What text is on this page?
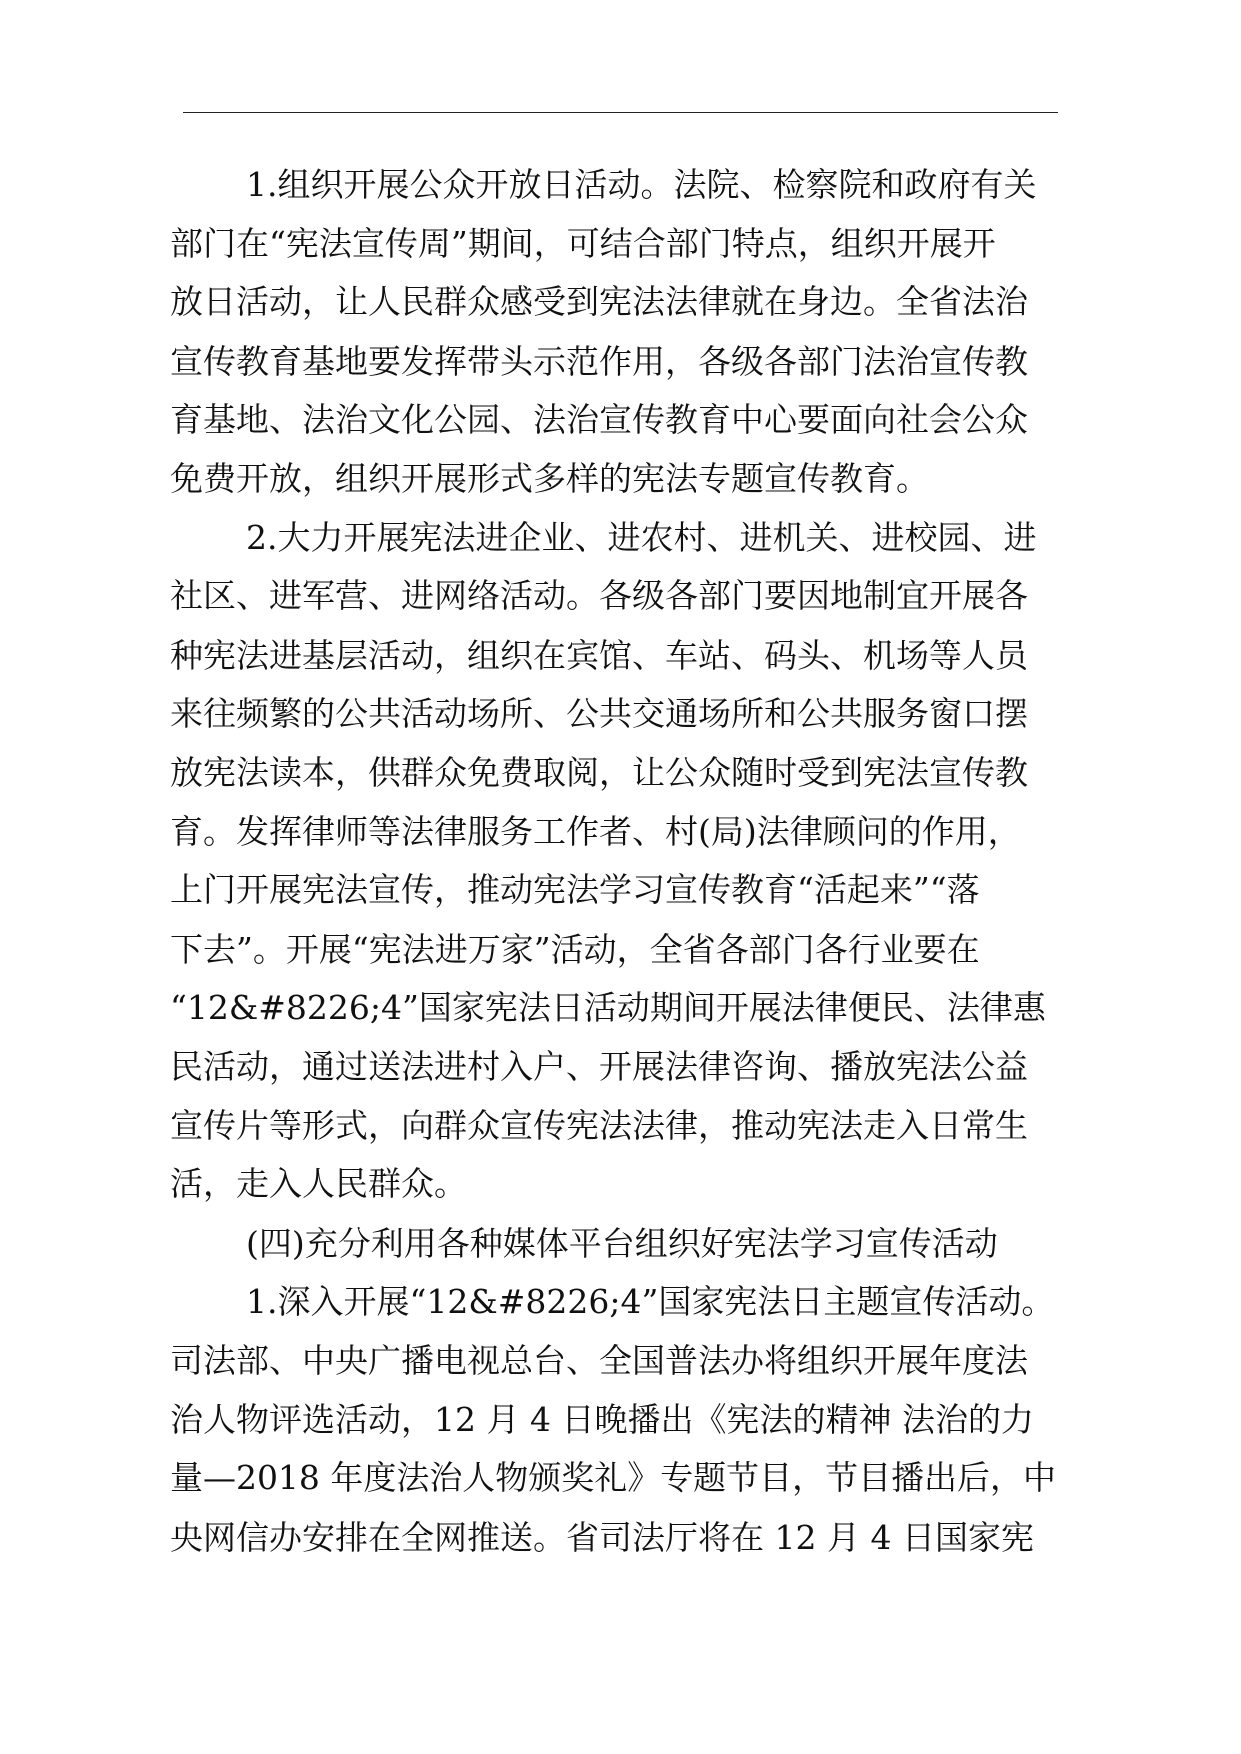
1.组织开展公众开放日活动。法院、检察院和政府有关
部门在“宪法宣传周”期间，可结合部门特点，组织开展开
放日活动，让人民群众感受到宪法法律就在身边。全省法治
宣传教育基地要发挥带头示范作用，各级各部门法治宣传教
育基地、法治文化公园、法治宣传教育中心要面向社会公众
免费开放，组织开展形式多样的宪法专题宣传教育。
2.大力开展宪法进企业、进农村、进机关、进校园、进
社区、进军营、进网络活动。各级各部门要因地制宜开展各
种宪法进基层活动，组织在宾馆、车站、码头、机场等人员
来往频繁的公共活动场所、公共交通场所和公共服务窗口摆
放宪法读本，供群众免费取阅，让公众随时受到宪法宣传教
育。发挥律师等法律服务工作者、村(局)法律顾问的作用，
上门开展宪法宣传，推动宪法学习宣传教育“活起来”“落
下去”。开展“宪法进万家”活动，全省各部门各行业要在
“12&#8226;4”国家宪法日活动期间开展法律便民、法律惠
民活动，通过送法进村入户、开展法律咨询、播放宪法公益
宣传片等形式，向群众宣传宪法法律，推动宪法走入日常生
活，走入人民群众。
(四)充分利用各种媒体平台组织好宪法学习宣传活动
1.深入开展“12&#8226;4”国家宪法日主题宣传活动。
司法部、中央广播电视总台、全国普法办将组织开展年度法
治人物评选活动，12 月 4 日晚播出《宪法的精神 法治的力
量—2018 年度法治人物颁奖礼》专题节目，节目播出后，中
央网信办安排在全网推送。省司法厅将在 12 月 4 日国家宪
